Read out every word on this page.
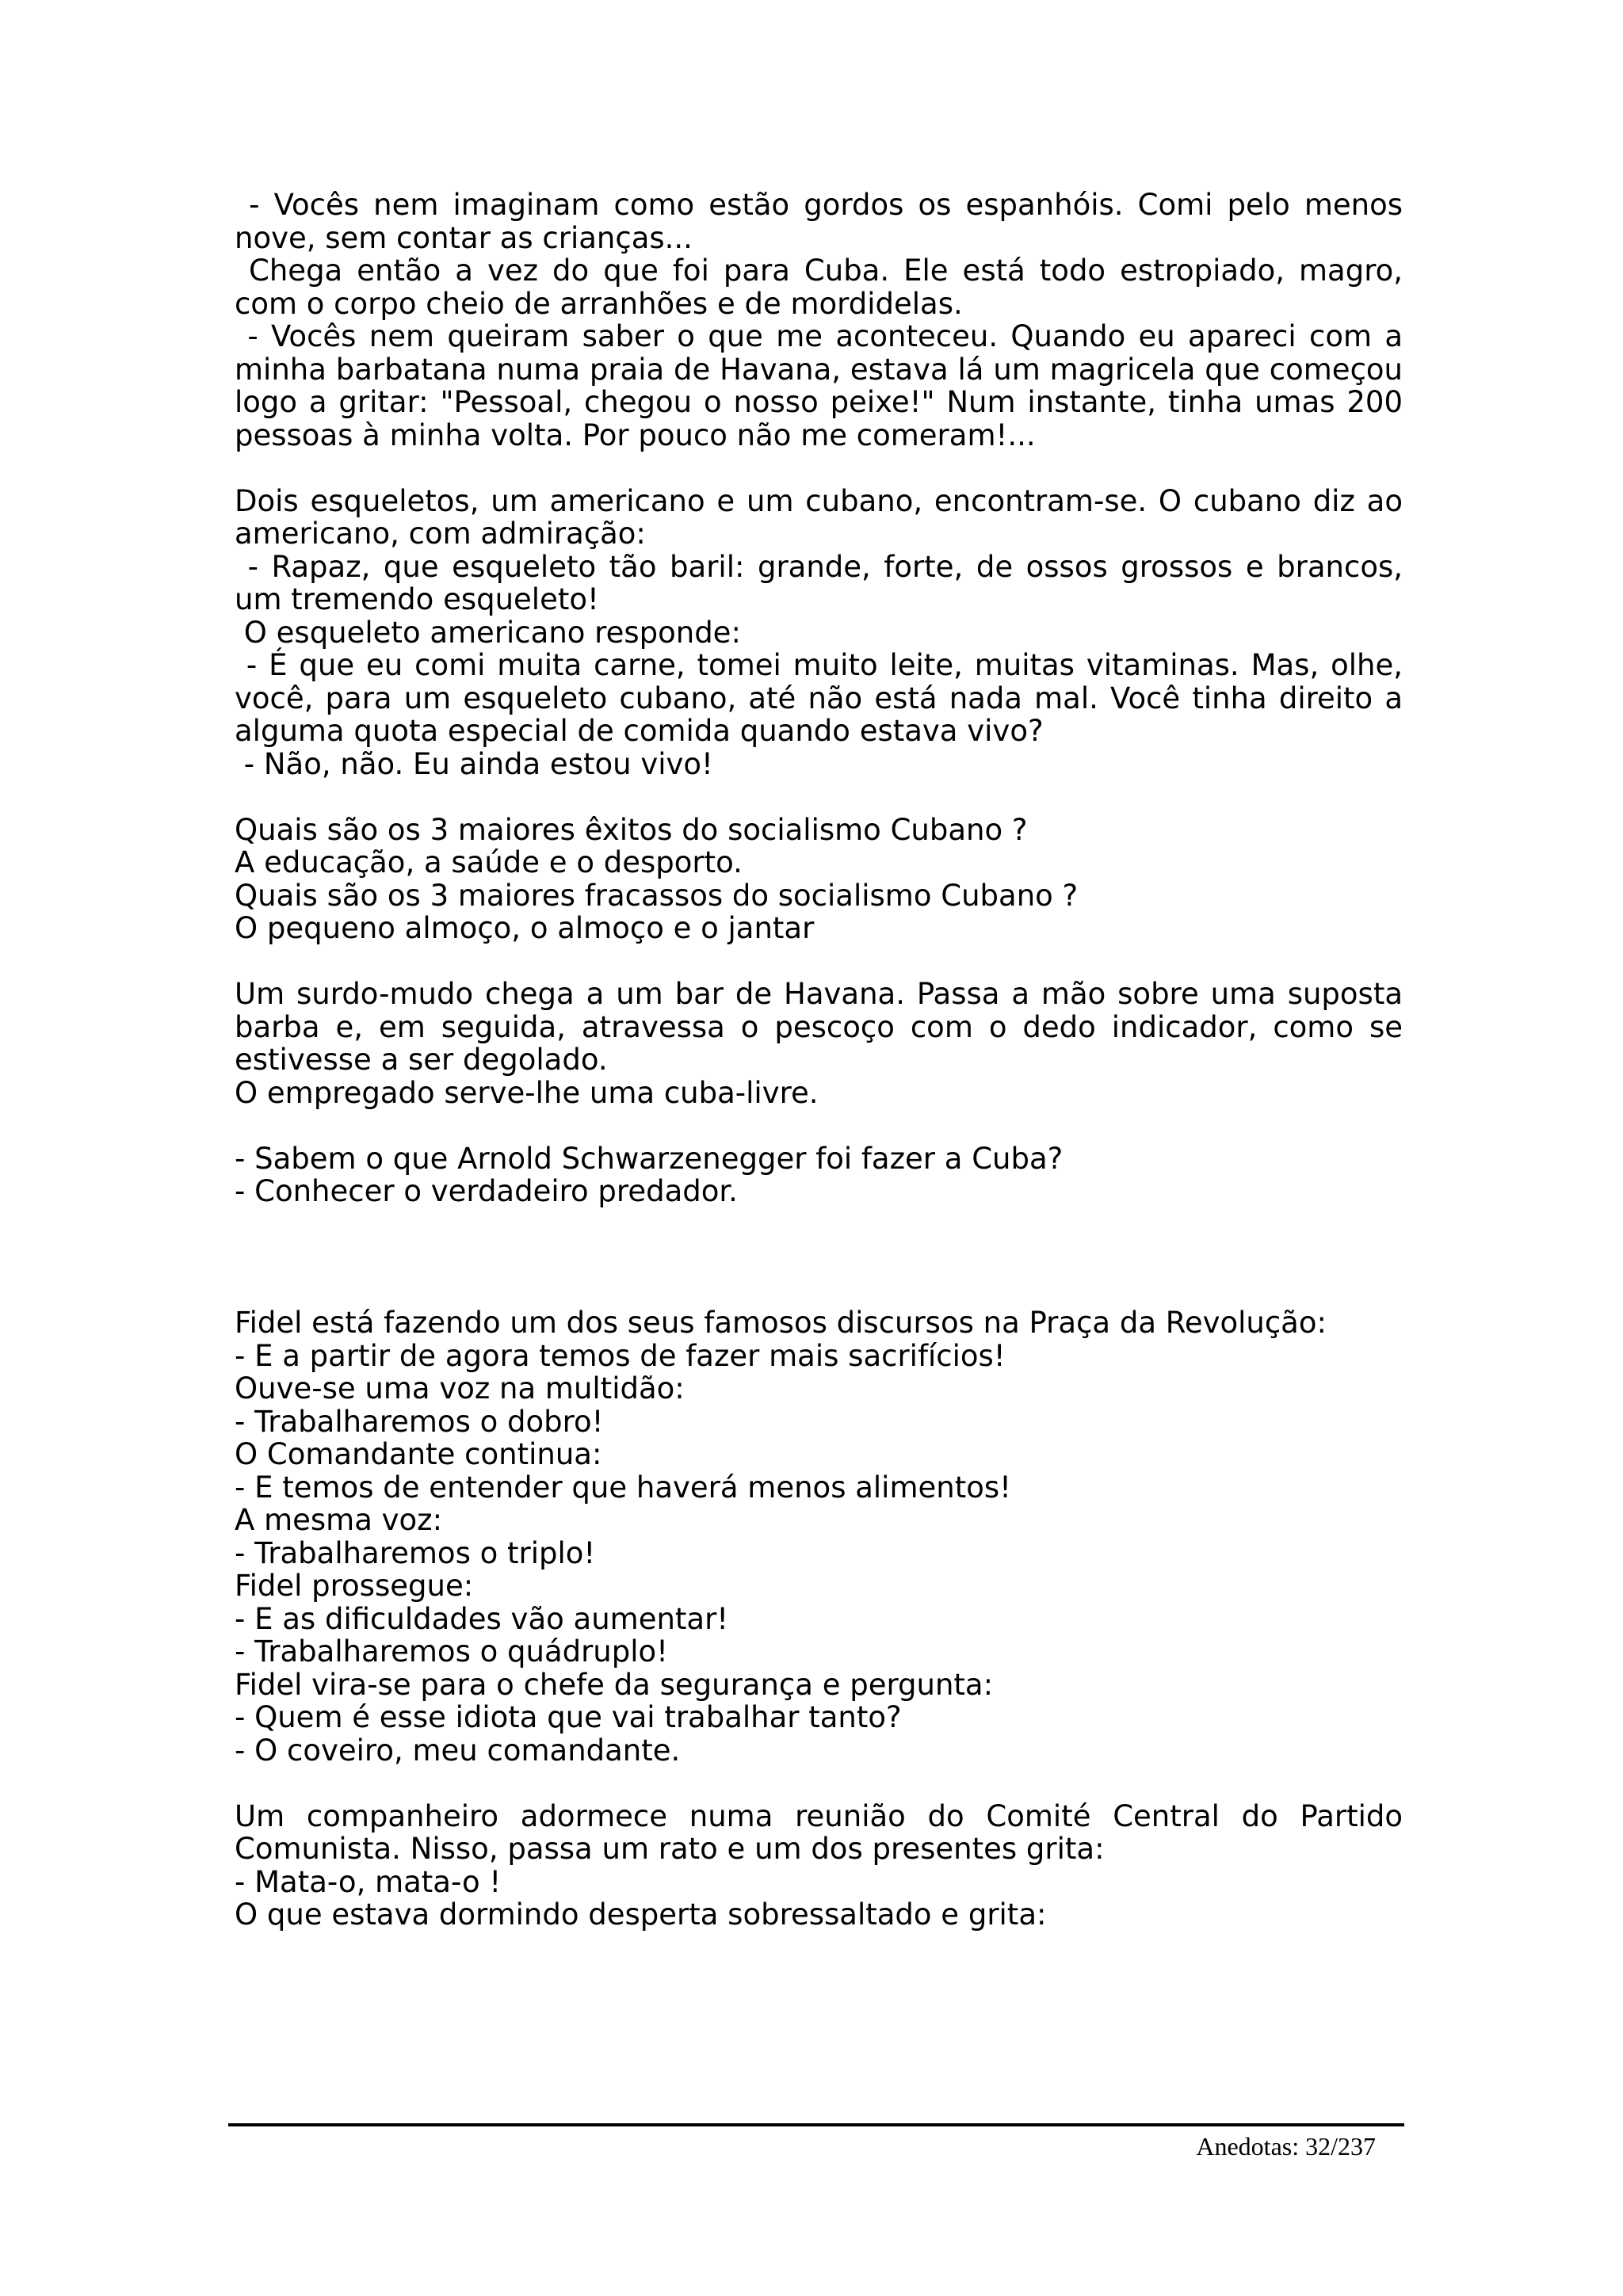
- Vocês nem imaginam como estão gordos os espanhóis. Comi pelo menos nove, sem contar as crianças...
Chega então a vez do que foi para Cuba. Ele está todo estropiado, magro, com o corpo cheio de arranhões e de mordidelas.
- Vocês nem queiram saber o que me aconteceu. Quando eu apareci com a minha barbatana numa praia de Havana, estava lá um magricela que começou logo a gritar: "Pessoal, chegou o nosso peixe!" Num instante, tinha umas 200 pessoas à minha volta. Por pouco não me comeram!...
Dois esqueletos, um americano e um cubano, encontram-se. O cubano diz ao americano, com admiração:
- Rapaz, que esqueleto tão baril: grande, forte, de ossos grossos e brancos, um tremendo esqueleto!
O esqueleto americano responde:
- É que eu comi muita carne, tomei muito leite, muitas vitaminas. Mas, olhe, você, para um esqueleto cubano, até não está nada mal. Você tinha direito a alguma quota especial de comida quando estava vivo?
- Não, não. Eu ainda estou vivo!
Quais são os 3 maiores êxitos do socialismo Cubano ?
A educação, a saúde e o desporto.
Quais são os 3 maiores fracassos do socialismo Cubano ?
O pequeno almoço, o almoço e o jantar
Um surdo-mudo chega a um bar de Havana. Passa a mão sobre uma suposta barba e, em seguida, atravessa o pescoço com o dedo indicador, como se estivesse a ser degolado.
O empregado serve-lhe uma cuba-livre.
- Sabem o que Arnold Schwarzenegger foi fazer a Cuba?
- Conhecer o verdadeiro predador.
Fidel está fazendo um dos seus famosos discursos na Praça da Revolução:
- E a partir de agora temos de fazer mais sacrifícios!
Ouve-se uma voz na multidão:
- Trabalharemos o dobro!
O Comandante continua:
- E temos de entender que haverá menos alimentos!
A mesma voz:
- Trabalharemos o triplo!
Fidel prossegue:
- E as dificuldades vão aumentar!
- Trabalharemos o quádruplo!
Fidel vira-se para o chefe da segurança e pergunta:
- Quem é esse idiota que vai trabalhar tanto?
- O coveiro, meu comandante.
Um companheiro adormece numa reunião do Comité Central do Partido Comunista. Nisso, passa um rato e um dos presentes grita:
- Mata-o, mata-o !
O que estava dormindo desperta sobressaltado e grita:
Anedotas: 32/237
